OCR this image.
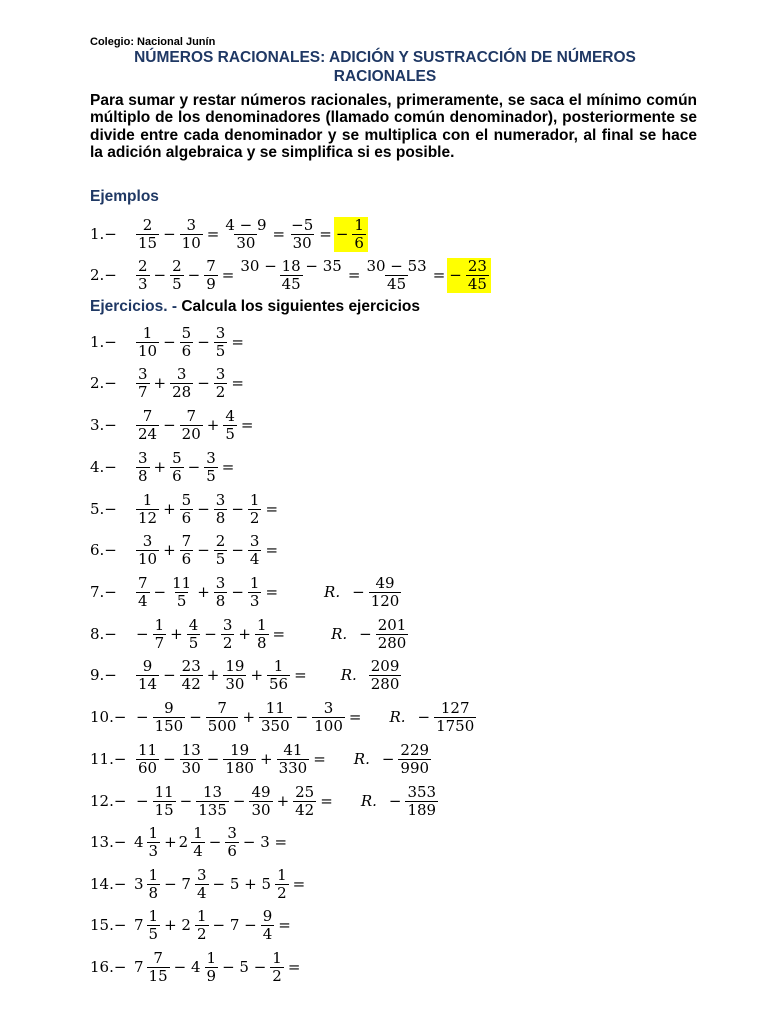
Colegio: Nacional Junín
NÚMEROS RACIONALES: ADICIÓN Y SUSTRACCIÓN DE NÚMEROS RACIONALES
Para sumar y restar números racionales, primeramente, se saca el mínimo común múltiplo de los denominadores (llamado común denominador), posteriormente se divide entre cada denominador y se multiplica con el numerador, al final se hace la adición algebraica y se simplifica si es posible.
Ejemplos
Ejercicios. - Calcula los siguientes ejercicios
1.−	$\frac{2}{15} - \frac{3}{10} = \frac{4 - 9}{30} = \frac{-5}{30}$ = − $\frac{1}{6}$
2.−	$\frac{2}{3} - \frac{2}{5} - \frac{7}{9} = \frac{30 - 18 - 35}{45} = \frac{30 - 53}{45}$ = − $\frac{23}{45}$
1.−	$\frac{1}{10} - \frac{5}{6} - \frac{3}{5}$ =
2.−	$\frac{3}{7} + \frac{3}{28} - \frac{3}{2}$ =
3.−	$\frac{7}{24} - \frac{7}{20} + \frac{4}{5}$ =
4.−	$\frac{3}{8} + \frac{5}{6} - \frac{3}{5}$ =
5.−	$\frac{1}{12} + \frac{5}{6} - \frac{3}{8} - \frac{1}{2}$ =
6.−	$\frac{3}{10} + \frac{7}{6} - \frac{2}{5} - \frac{3}{4}$ =
7.−	$\frac{7}{4} - \frac{11}{5} + \frac{3}{8} - \frac{1}{3}$ =	R. − $\frac{49}{120}$
8.−	− $\frac{1}{7} + \frac{4}{5} - \frac{3}{2} + \frac{1}{8}$ =	R. − $\frac{201}{280}$
9.−	$\frac{9}{14} - \frac{23}{42} + \frac{19}{30} + \frac{1}{56} = R$. $\frac{209}{280}$
$10.- - \frac{9}{150} - \frac{7}{500} + \frac{11}{350} - \frac{3}{100} = R$. − $\frac{127}{1750}$
$11.- \frac{11}{60} - \frac{13}{30} - \frac{19}{180} + \frac{41}{330} = R$. − $\frac{229}{990}$
$12.- - \frac{11}{15} - \frac{13}{135} - \frac{49}{30} + \frac{25}{42} = R$. − $\frac{353}{189}$
$13.- 4 \frac{1}{3} + 2 \frac{1}{4} - \frac{3}{6} - 3$ =
$14.- 3 \frac{1}{8} - 7 \frac{3}{4} - 5 + 5 \frac{1}{2}$ =
$15.- 7 \frac{1}{5} + 2 \frac{1}{2} - 7 - \frac{9}{4}$ =
$16.- 7 \frac{7}{15} - 4 \frac{1}{9} - 5 - \frac{1}{2}$ =
